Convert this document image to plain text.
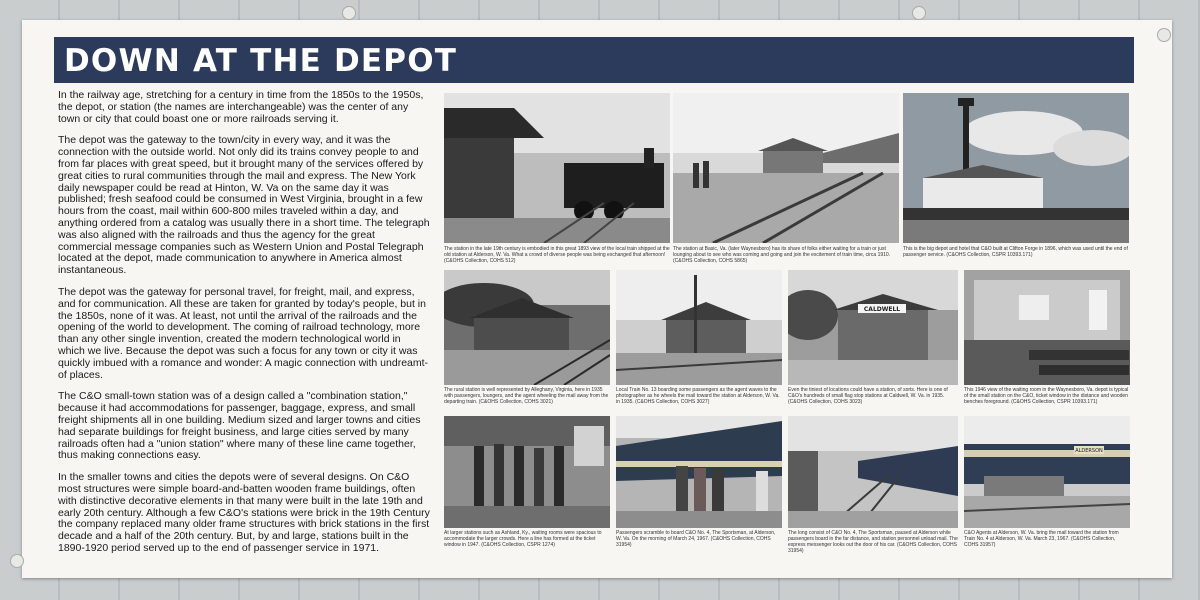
DOWN AT THE DEPOT

In the railway age, stretching for a century in time from the 1850s to the 1950s, the depot, or station (the names are interchangeable) was the center of any town or city that could boast one or more railroads serving it.

The depot was the gateway to the town/city in every way, and it was the connection with the outside world. Not only did its trains convey people to and from far places with great speed, but it brought many of the services offered by great cities to rural communities through the mail and express. The New York daily newspaper could be read at Hinton, W. Va on the same day it was published; fresh seafood could be consumed in West Virginia, brought in a few hours from the coast, mail within 600-800 miles traveled within a day, and anything ordered from a catalog was usually there in a short time. The telegraph was also aligned with the railroads and thus the agency for the great commercial message companies such as Western Union and Postal Telegraph located at the depot, made communication to anywhere in America almost instantaneous.

The depot was the gateway for personal travel, for freight, mail, and express, and for communication. All these are taken for granted by today's people, but in the 1850s, none of it was. At least, not until the arrival of the railroads and the opening of the world to development. The coming of railroad technology, more than any other single invention, created the modern technological world in which we live. Because the depot was such a focus for any town or city it was quickly imbued with a romance and wonder: A magic connection with undreamt-of places.

The C&O small-town station was of a design called a "combination station," because it had accommodations for passenger, baggage, express, and small freight shipments all in one building. Medium sized and larger towns and cities had separate buildings for freight business, and large cities served by many railroads often had a "union station" where many of these line came together, thus making connections easy.

In the smaller towns and cities the depots were of several designs. On C&O most structures were simple board-and-batten wooden frame buildings, often with distinctive decorative elements in that many were built in the late 19th and early 20th century. Although a few C&O's stations were brick in the 19th Century the company replaced many older frame structures with brick stations in the first decade and a half of the 20th century. But, by and large, stations built in the 1890-1920 period served up to the end of passenger service in 1971.

The station in the late 19th century is embodied in this great 1893 view of the local train shipped at the old station at Alderson, W. Va. What a crowd of diverse people was being exchanged that afternoon! (C&OHS Collection, COHS 512)
The station at Basic, Va. (later Waynesboro) has its share of folks either waiting for a train or just lounging about to see who was coming and going and join the excitement of train time, circa 1910. (C&OHS Collection, COHS 5865)
This is the big depot and hotel that C&O built at Clifton Forge in 1896, which was used until the end of passenger service. (C&OHS Collection, CSPR 10393.171)
The rural station is well represented by Alleghany, Virginia, here in 1935 with passengers, loungers, and the agent wheeling the mail away from the departing train. (C&OHS Collection, COHS 3021)
Local Train No. 13 boarding some passengers as the agent waves to the photographer as he wheels the mail toward the station at Alderson, W. Va. in 1935. (C&OHS Collection, COHS 3027)
CALDWELL
Even the tiniest of locations could have a station, of sorts. Here is one of C&O's hundreds of small flag stop stations at Caldwell, W. Va. in 1935. (C&OHS Collection, COHS 3023)
This 1946 view of the waiting room in the Waynesboro, Va. depot is typical of the small station on the C&O, ticket window in the distance and wooden benches foreground. (C&OHS Collection, CSPR 10393.171)
At larger stations such as Ashland, Ky., waiting rooms were spacious to accommodate the larger crowds. Here a line has formed at the ticket window in 1947. (C&OHS Collection, CSPR 1274)
Passengers scramble to board C&O No. 4, The Sportsman, at Alderson, W. Va. On the morning of March 24, 1967. (C&OHS Collection, COHS 31954)
The long consist of C&O No. 4, The Sportsman, paused at Alderson while passengers board in the far distance, and station personnel unload mail. The express messenger looks out the door of his car. (C&OHS Collection, COHS 31954)
ALDERSON
C&O Agents at Alderson, W. Va. bring the mail toward the station from Train No. 4 at Alderson, W. Va. March 23, 1967. (C&OHS Collection, COHS 31957)
